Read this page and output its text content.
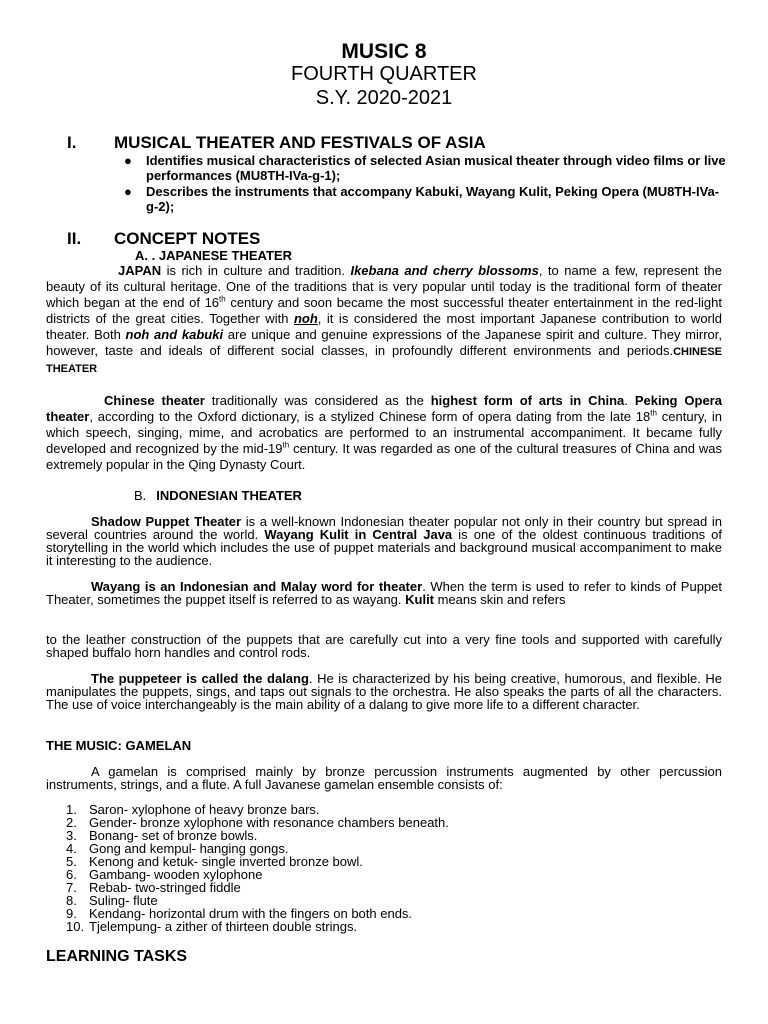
MUSIC 8
FOURTH QUARTER
S.Y. 2020-2021
I. MUSICAL THEATER AND FESTIVALS OF ASIA
● Identifies musical characteristics of selected Asian musical theater through video films or live performances (MU8TH-IVa-g-1);
● Describes the instruments that accompany Kabuki, Wayang Kulit, Peking Opera (MU8TH-IVa-g-2);
II. CONCEPT NOTES
A. . JAPANESE THEATER
JAPAN is rich in culture and tradition. Ikebana and cherry blossoms, to name a few, represent the beauty of its cultural heritage. One of the traditions that is very popular until today is the traditional form of theater which began at the end of 16th century and soon became the most successful theater entertainment in the red-light districts of the great cities. Together with noh, it is considered the most important Japanese contribution to world theater. Both noh and kabuki are unique and genuine expressions of the Japanese spirit and culture. They mirror, however, taste and ideals of different social classes, in profoundly different environments and periods.CHINESE THEATER
Chinese theater traditionally was considered as the highest form of arts in China. Peking Opera theater, according to the Oxford dictionary, is a stylized Chinese form of opera dating from the late 18th century, in which speech, singing, mime, and acrobatics are performed to an instrumental accompaniment. It became fully developed and recognized by the mid-19th century. It was regarded as one of the cultural treasures of China and was extremely popular in the Qing Dynasty Court.
B. INDONESIAN THEATER
Shadow Puppet Theater is a well-known Indonesian theater popular not only in their country but spread in several countries around the world. Wayang Kulit in Central Java is one of the oldest continuous traditions of storytelling in the world which includes the use of puppet materials and background musical accompaniment to make it interesting to the audience.
Wayang is an Indonesian and Malay word for theater. When the term is used to refer to kinds of Puppet Theater, sometimes the puppet itself is referred to as wayang. Kulit means skin and refers
to the leather construction of the puppets that are carefully cut into a very fine tools and supported with carefully shaped buffalo horn handles and control rods.
The puppeteer is called the dalang. He is characterized by his being creative, humorous, and flexible. He manipulates the puppets, sings, and taps out signals to the orchestra. He also speaks the parts of all the characters. The use of voice interchangeably is the main ability of a dalang to give more life to a different character.
THE MUSIC: GAMELAN
A gamelan is comprised mainly by bronze percussion instruments augmented by other percussion instruments, strings, and a flute. A full Javanese gamelan ensemble consists of:
1. Saron- xylophone of heavy bronze bars.
2. Gender- bronze xylophone with resonance chambers beneath.
3. Bonang- set of bronze bowls.
4. Gong and kempul- hanging gongs.
5. Kenong and ketuk- single inverted bronze bowl.
6. Gambang- wooden xylophone
7. Rebab- two-stringed fiddle
8. Suling- flute
9. Kendang- horizontal drum with the fingers on both ends.
10. Tjelempung- a zither of thirteen double strings.
LEARNING TASKS
